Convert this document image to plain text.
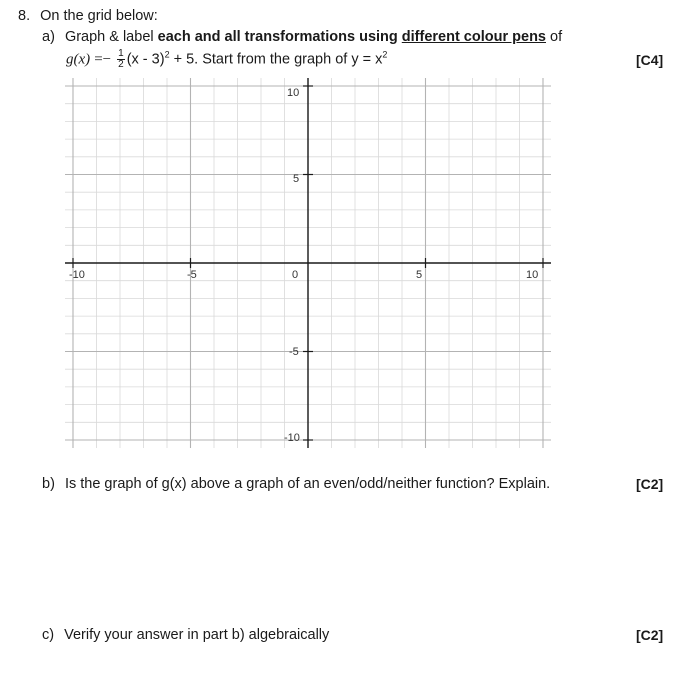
8. On the grid below:
a) Graph & label each and all transformations using different colour pens of
$g(x) =- \frac{1}{2} (x - 3)^2 + 5$. Start from the graph of $y = x^2$	[C4]
-10	-5	0	5	10
10
5
-5
-10
b) Is the graph of g(x) above a graph of an even/odd/neither function? Explain.	[C2]
c) Verify your answer in part b) algebraically	[C2]
